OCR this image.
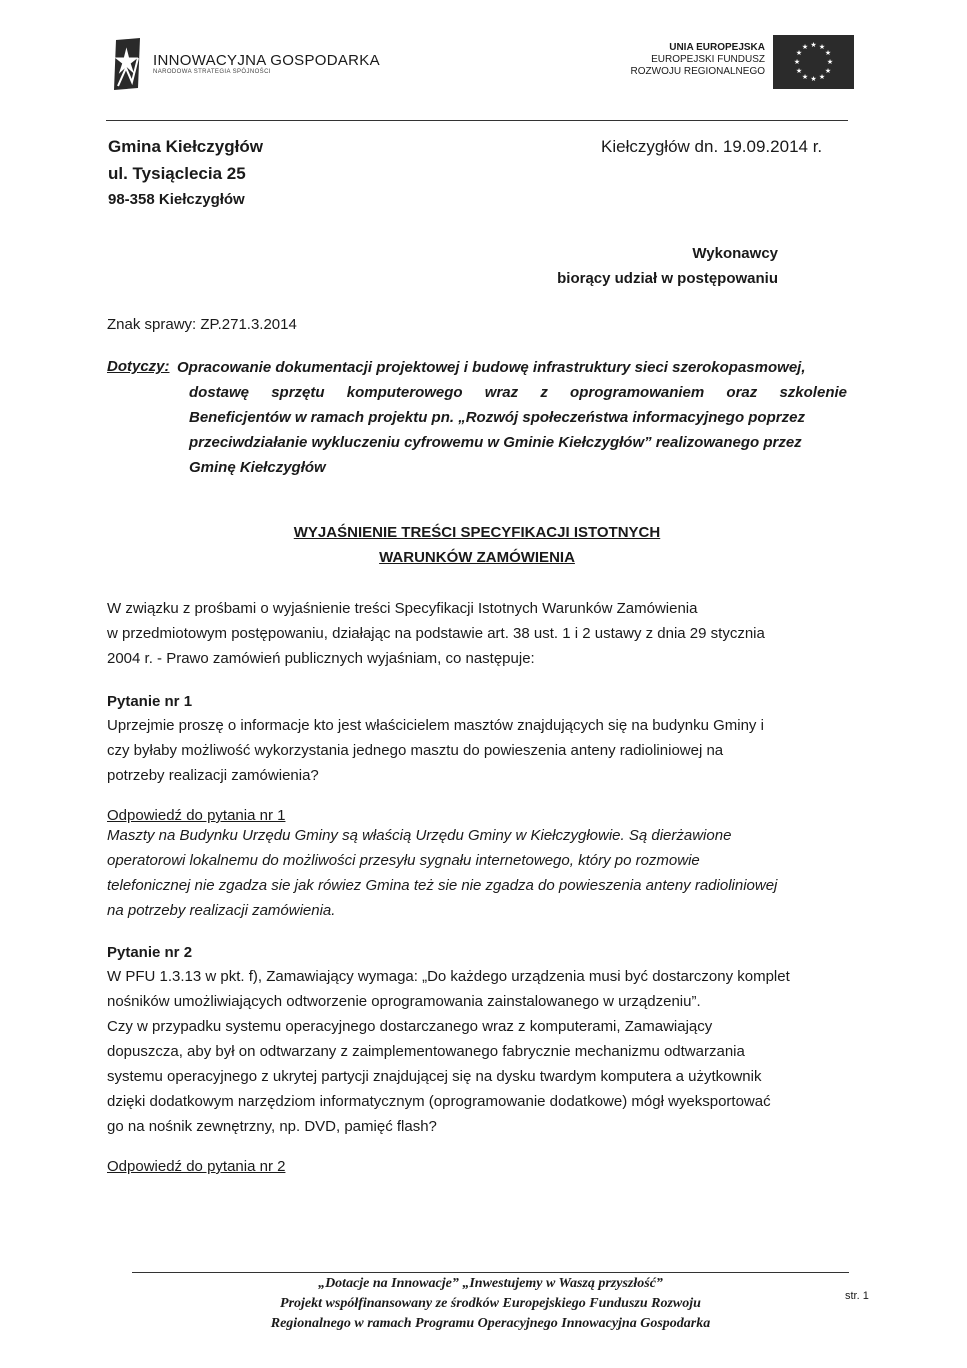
INNOWACYJNA GOSPODARKA
NARODOWA STRATEGIA SPÓJNOŚCI
UNIA EUROPEJSKA
EUROPEJSKI FUNDUSZ
ROZWOJU REGIONALNEGO
★ ★
★
★
★
★
★
★
★
★
★
★
Gmina Kiełczygłów
ul. Tysiąclecia 25
98-358 Kiełczygłów
Kiełczygłów dn. 19.09.2014 r.
Wykonawcy
biorący udział w postępowaniu
Znak sprawy: ZP.271.3.2014
Dotyczy: Opracowanie dokumentacji projektowej i budowę infrastruktury sieci szerokopasmowej,
dostawę sprzętu komputerowego wraz z oprogramowaniem oraz szkolenie
Beneficjentów w ramach projektu pn. „Rozwój społeczeństwa informacyjnego poprzez
przeciwdziałanie wykluczeniu cyfrowemu w Gminie Kiełczygłów” realizowanego przez
Gminę Kiełczygłów
WYJAŚNIENIE TREŚCI SPECYFIKACJI ISTOTNYCH
WARUNKÓW ZAMÓWIENIA
W związku z prośbami o wyjaśnienie treści Specyfikacji Istotnych Warunków Zamówienia
w przedmiotowym postępowaniu, działając na podstawie art. 38 ust. 1 i 2 ustawy z dnia 29 stycznia
2004 r. - Prawo zamówień publicznych wyjaśniam, co następuje:
Pytanie nr 1
Uprzejmie proszę o informacje kto jest właścicielem masztów znajdujących się na budynku Gminy i
czy byłaby możliwość wykorzystania jednego masztu do powieszenia anteny radioliniowej na
potrzeby realizacji zamówienia?
Odpowiedź do pytania nr 1
Maszty na Budynku Urzędu Gminy są właścią Urzędu Gminy w Kiełczygłowie. Są dierżawione
operatorowi lokalnemu do możliwości przesyłu sygnału internetowego, który po rozmowie
telefonicznej nie zgadza sie jak rówiez Gmina też sie nie zgadza do powieszenia anteny radioliniowej
na potrzeby realizacji zamówienia.
Pytanie nr 2
W PFU 1.3.13 w pkt. f), Zamawiający wymaga: „Do każdego urządzenia musi być dostarczony komplet
nośników umożliwiających odtworzenie oprogramowania zainstalowanego w urządzeniu”.
Czy w przypadku systemu operacyjnego dostarczanego wraz z komputerami, Zamawiający
dopuszcza, aby był on odtwarzany z zaimplementowanego fabrycznie mechanizmu odtwarzania
systemu operacyjnego z ukrytej partycji znajdującej się na dysku twardym komputera a użytkownik
dzięki dodatkowym narzędziom informatycznym (oprogramowanie dodatkowe) mógł wyeksportować
go na nośnik zewnętrzny, np. DVD, pamięć flash?
Odpowiedź do pytania nr 2
„Dotacje na Innowacje” „Inwestujemy w Waszą przyszłość”
Projekt współfinansowany ze środków Europejskiego Funduszu Rozwoju
Regionalnego w ramach Programu Operacyjnego Innowacyjna Gospodarka
str. 1
